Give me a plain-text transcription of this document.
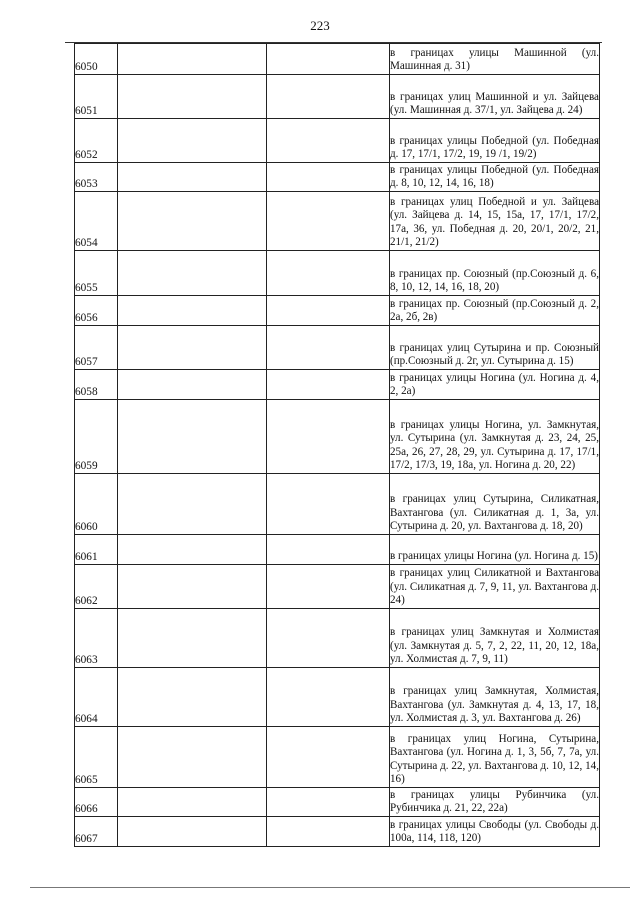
223
6050			в границах улицы Машинной (ул. Машинная д. 31)
6051			в границах улиц Машинной и ул. Зайцева (ул. Машинная д. 37/1, ул. Зайцева д. 24)
6052			в границах улицы Победной (ул. Победная д. 17, 17/1, 17/2, 19, 19 /1, 19/2)
6053			в границах улицы Победной (ул. Победная д. 8, 10, 12, 14, 16, 18)
6054			в границах улиц Победной и ул. Зайцева (ул. Зайцева д. 14, 15, 15а, 17, 17/1, 17/2, 17а, 36, ул. Победная д. 20, 20/1, 20/2, 21, 21/1, 21/2)
6055			в границах пр. Союзный (пр.Союзный д. 6, 8, 10, 12, 14, 16, 18, 20)
6056			в границах пр. Союзный (пр.Союзный д. 2, 2а, 2б, 2в)
6057			в границах улиц Сутырина и пр. Союзный (пр.Союзный д. 2г, ул. Сутырина д. 15)
6058			в границах улицы Ногина (ул. Ногина д. 4, 2, 2а)
6059			в границах улицы Ногина, ул. Замкнутая, ул. Сутырина (ул. Замкнутая д. 23, 24, 25, 25а, 26, 27, 28, 29, ул. Сутырина д. 17, 17/1, 17/2, 17/3, 19, 18а, ул. Ногина д. 20, 22)
6060			в границах улиц Сутырина, Силикатная, Вахтангова (ул. Силикатная д. 1, 3а, ул. Сутырина д. 20, ул. Вахтангова д. 18, 20)
6061			в границах улицы Ногина (ул. Ногина д. 15)
6062			в границах улиц Силикатной и Вахтангова (ул. Силикатная д. 7, 9, 11, ул. Вахтангова д. 24)
6063			в границах улиц Замкнутая и Холмистая (ул. Замкнутая д. 5, 7, 2, 22, 11, 20, 12, 18а, ул. Холмистая д. 7, 9, 11)
6064			в границах улиц Замкнутая, Холмистая, Вахтангова (ул. Замкнутая д. 4, 13, 17, 18, ул. Холмистая д. 3, ул. Вахтангова д. 26)
6065			в границах улиц Ногина, Сутырина, Вахтангова (ул. Ногина д. 1, 3, 5б, 7, 7а, ул. Сутырина д. 22, ул. Вахтангова д. 10, 12, 14, 16)
6066			в границах улицы Рубинчика (ул. Рубинчика д. 21, 22, 22а)
6067			в границах улицы Свободы (ул. Свободы д. 100а, 114, 118, 120)
